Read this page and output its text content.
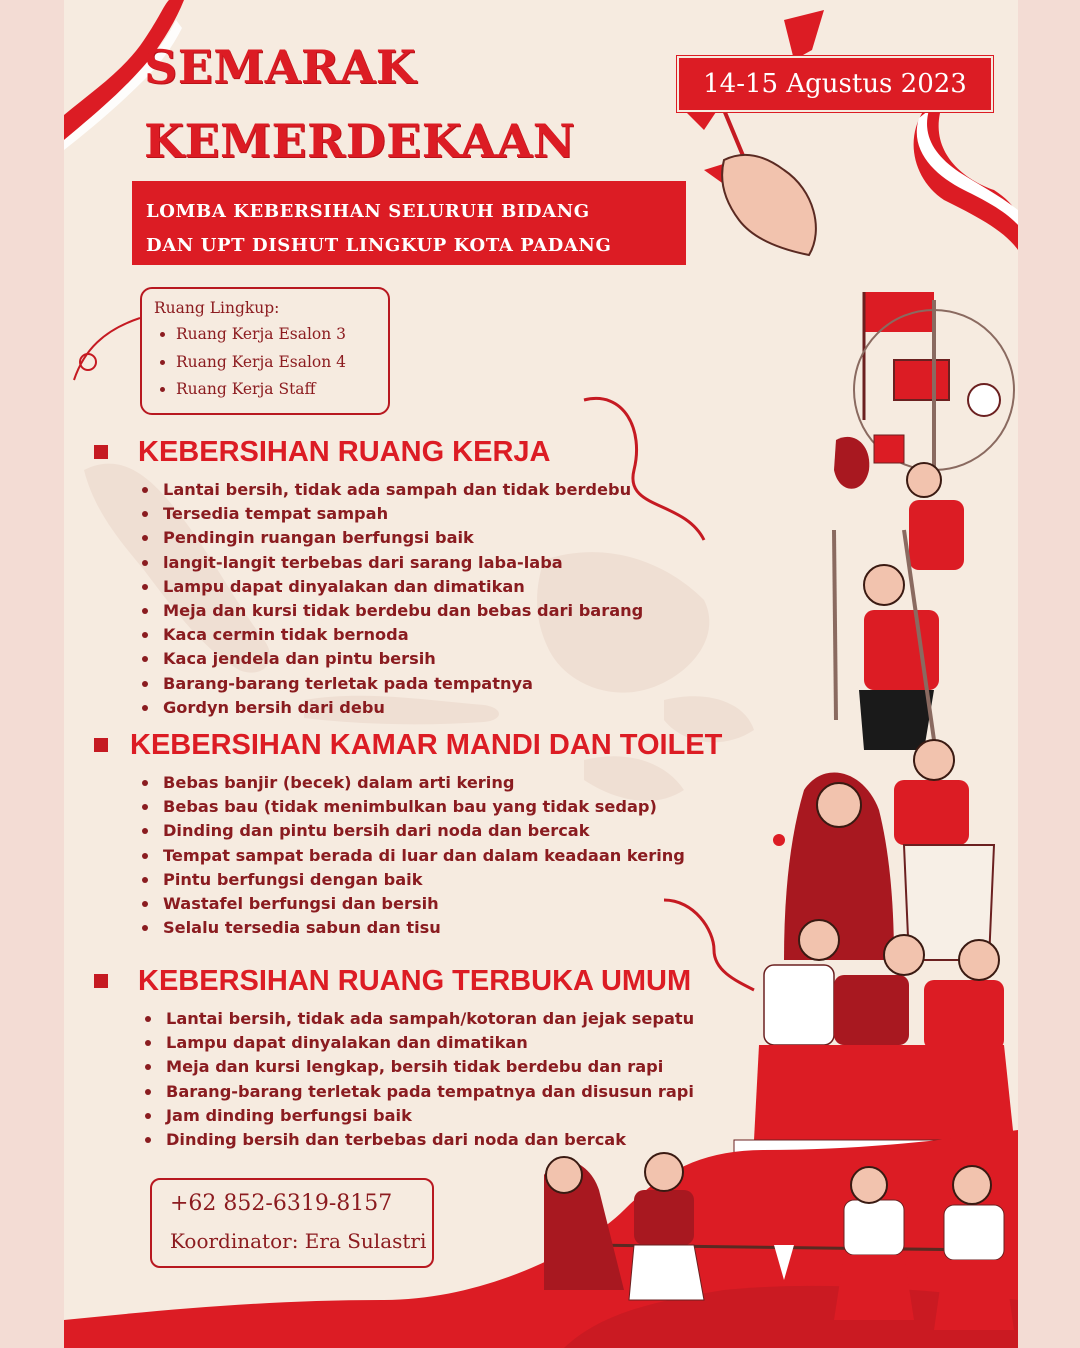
SEMARAK
KEMERDEKAAN
14-15 Agustus 2023
LOMBA KEBERSIHAN SELURUH BIDANG
DAN UPT DISHUT LINGKUP KOTA PADANG
Ruang Lingkup:
• Ruang Kerja Esalon 3
• Ruang Kerja Esalon 4
• Ruang Kerja Staff
KEBERSIHAN RUANG KERJA
Lantai bersih, tidak ada sampah dan tidak berdebu
Tersedia tempat sampah
Pendingin ruangan berfungsi baik
langit-langit terbebas dari sarang laba-laba
Lampu dapat dinyalakan dan dimatikan
Meja dan kursi tidak berdebu dan bebas dari barang
Kaca cermin tidak bernoda
Kaca jendela dan pintu bersih
Barang-barang terletak pada tempatnya
Gordyn bersih dari debu
KEBERSIHAN KAMAR MANDI DAN TOILET
Bebas banjir (becek) dalam arti kering
Bebas bau (tidak menimbulkan bau yang tidak sedap)
Dinding dan pintu bersih dari noda dan bercak
Tempat sampat berada di luar dan dalam keadaan kering
Pintu berfungsi dengan baik
Wastafel berfungsi dan bersih
Selalu tersedia sabun dan tisu
KEBERSIHAN RUANG TERBUKA UMUM
Lantai bersih, tidak ada sampah/kotoran dan jejak sepatu
Lampu dapat dinyalakan dan dimatikan
Meja dan kursi lengkap, bersih tidak berdebu dan rapi
Barang-barang terletak pada tempatnya dan disusun rapi
Jam dinding berfungsi baik
Dinding bersih dan terbebas dari noda dan bercak
+62 852-6319-8157
Koordinator: Era Sulastri
